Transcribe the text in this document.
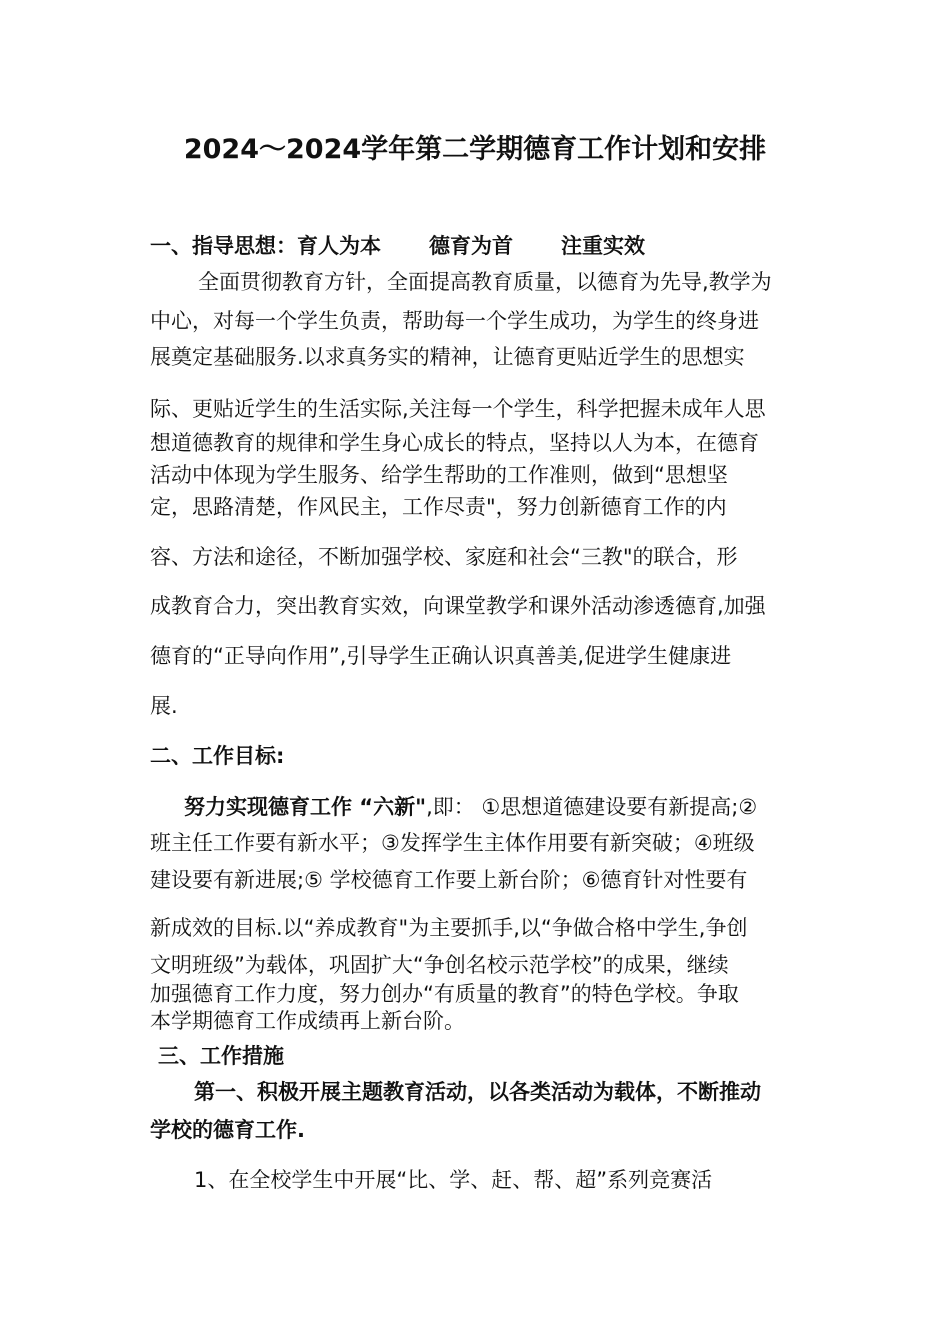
2024～2024学年第二学期德育工作计划和安排
一、指导思想：育人为本 德育为首 注重实效
全面贯彻教育方针，全面提高教育质量，以德育为先导,教学为
中心，对每一个学生负责，帮助每一个学生成功，为学生的终身进
展奠定基础服务.以求真务实的精神，让德育更贴近学生的思想实
际、更贴近学生的生活实际,关注每一个学生，科学把握未成年人思
想道德教育的规律和学生身心成长的特点，坚持以人为本，在德育
活动中体现为学生服务、给学生帮助的工作准则，做到“思想坚
定，思路清楚，作风民主，工作尽责"，努力创新德育工作的内
容、方法和途径，不断加强学校、家庭和社会“三教"的联合，形
成教育合力，突出教育实效，向课堂教学和课外活动渗透德育,加强
德育的“正导向作用”,引导学生正确认识真善美,促进学生健康进
展.
二、工作目标:
努力实现德育工作 “六新",即： ①思想道德建设要有新提高;②
班主任工作要有新水平；③发挥学生主体作用要有新突破；④班级
建设要有新进展;⑤ 学校德育工作要上新台阶；⑥德育针对性要有
新成效的目标.以“养成教育"为主要抓手,以“争做合格中学生,争创
文明班级”为载体，巩固扩大“争创名校示范学校”的成果，继续
加强德育工作力度，努力创办“有质量的教育”的特色学校。争取
本学期德育工作成绩再上新台阶。
三、工作措施
第一、积极开展主题教育活动，以各类活动为载体，不断推动
学校的德育工作.
1、在全校学生中开展“比、学、赶、帮、超”系列竞赛活
